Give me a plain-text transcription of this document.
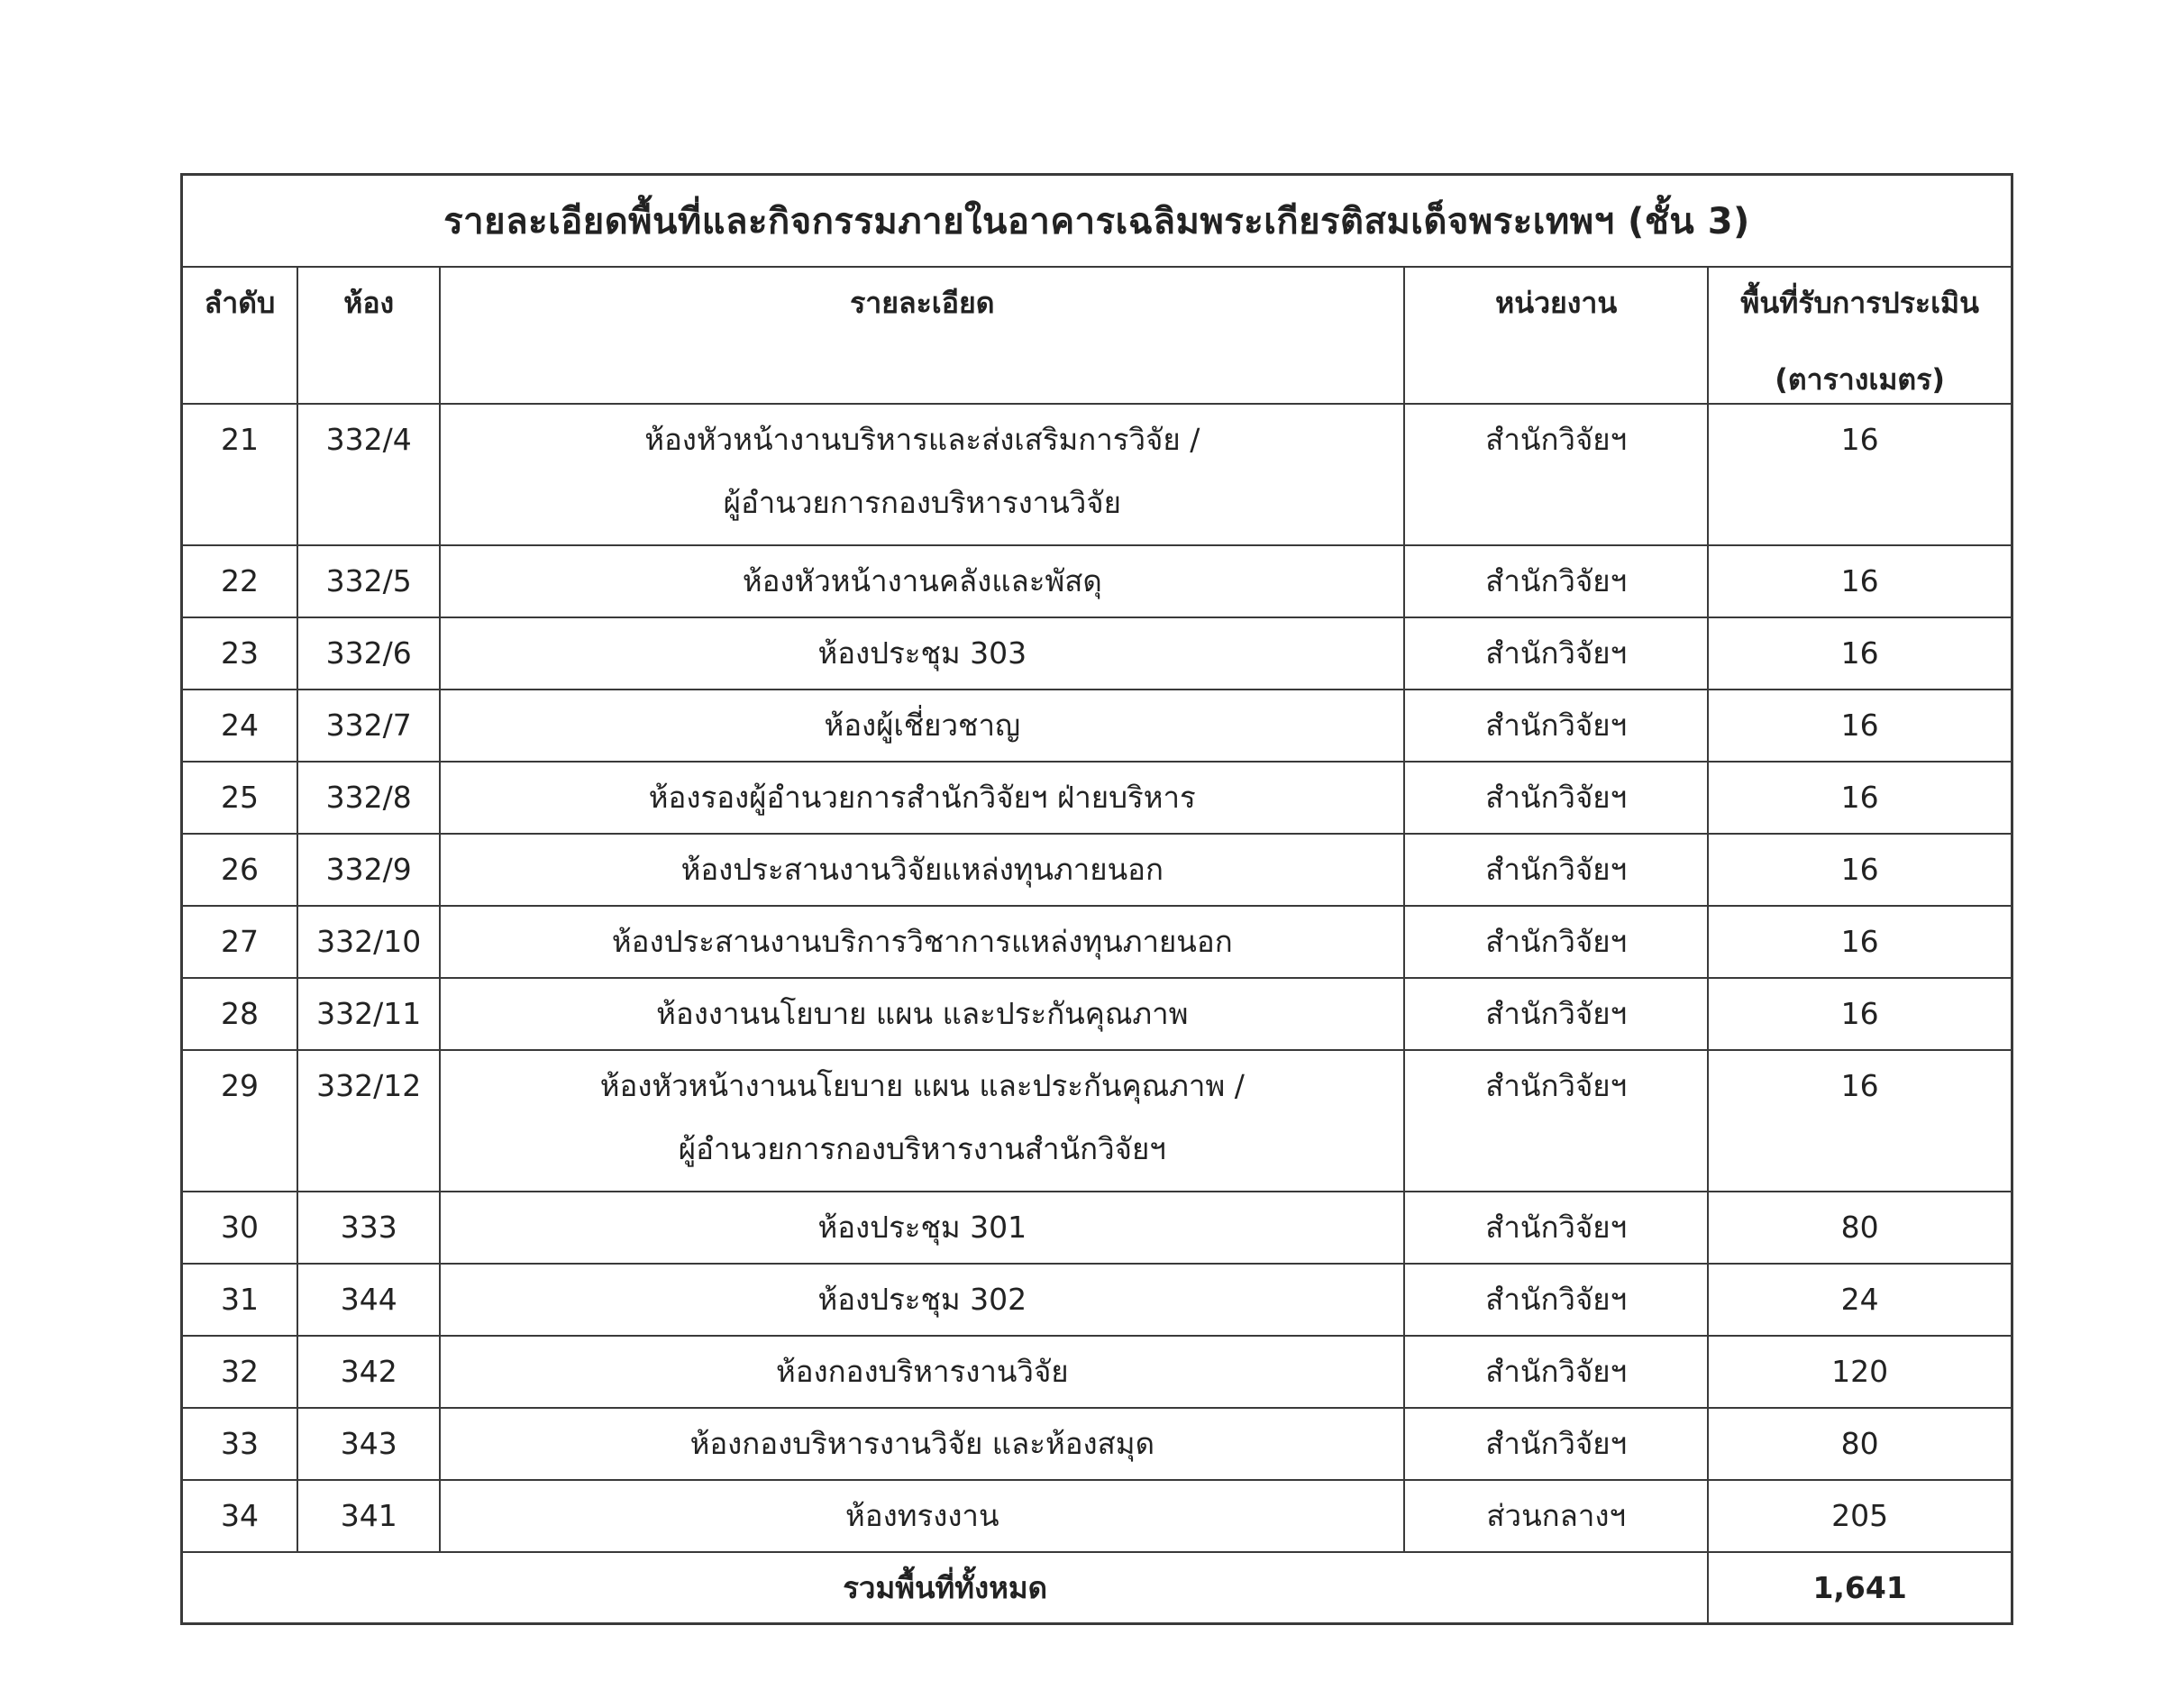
รายละเอียดพื้นที่และกิจกรรมภายในอาคารเฉลิมพระเกียรติสมเด็จพระเทพฯ (ชั้น 3)				

ลำดับ	ห้อง	รายละเอียด	หน่วยงาน	พื้นที่รับการประเมิน
(ตารางเมตร)

21	332/4	ห้องหัวหน้างานบริหารและส่งเสริมการวิจัย /
ผู้อำนวยการกองบริหารงานวิจัย	สำนักวิจัยฯ	16

22	332/5	ห้องหัวหน้างานคลังและพัสดุ	สำนักวิจัยฯ	16

23	332/6	ห้องประชุม 303	สำนักวิจัยฯ	16

24	332/7	ห้องผู้เชี่ยวชาญ	สำนักวิจัยฯ	16

25	332/8	ห้องรองผู้อำนวยการสำนักวิจัยฯ ฝ่ายบริหาร	สำนักวิจัยฯ	16

26	332/9	ห้องประสานงานวิจัยแหล่งทุนภายนอก	สำนักวิจัยฯ	16

27	332/10	ห้องประสานงานบริการวิชาการแหล่งทุนภายนอก	สำนักวิจัยฯ	16

28	332/11	ห้องงานนโยบาย แผน และประกันคุณภาพ	สำนักวิจัยฯ	16

29	332/12	ห้องหัวหน้างานนโยบาย แผน และประกันคุณภาพ /
ผู้อำนวยการกองบริหารงานสำนักวิจัยฯ	สำนักวิจัยฯ	16

30	333	ห้องประชุม 301	สำนักวิจัยฯ	80

31	344	ห้องประชุม 302	สำนักวิจัยฯ	24

32	342	ห้องกองบริหารงานวิจัย	สำนักวิจัยฯ	120

33	343	ห้องกองบริหารงานวิจัย และห้องสมุด	สำนักวิจัยฯ	80

34	341	ห้องทรงงาน	ส่วนกลางฯ	205

รวมพื้นที่ทั้งหมด				1,641
